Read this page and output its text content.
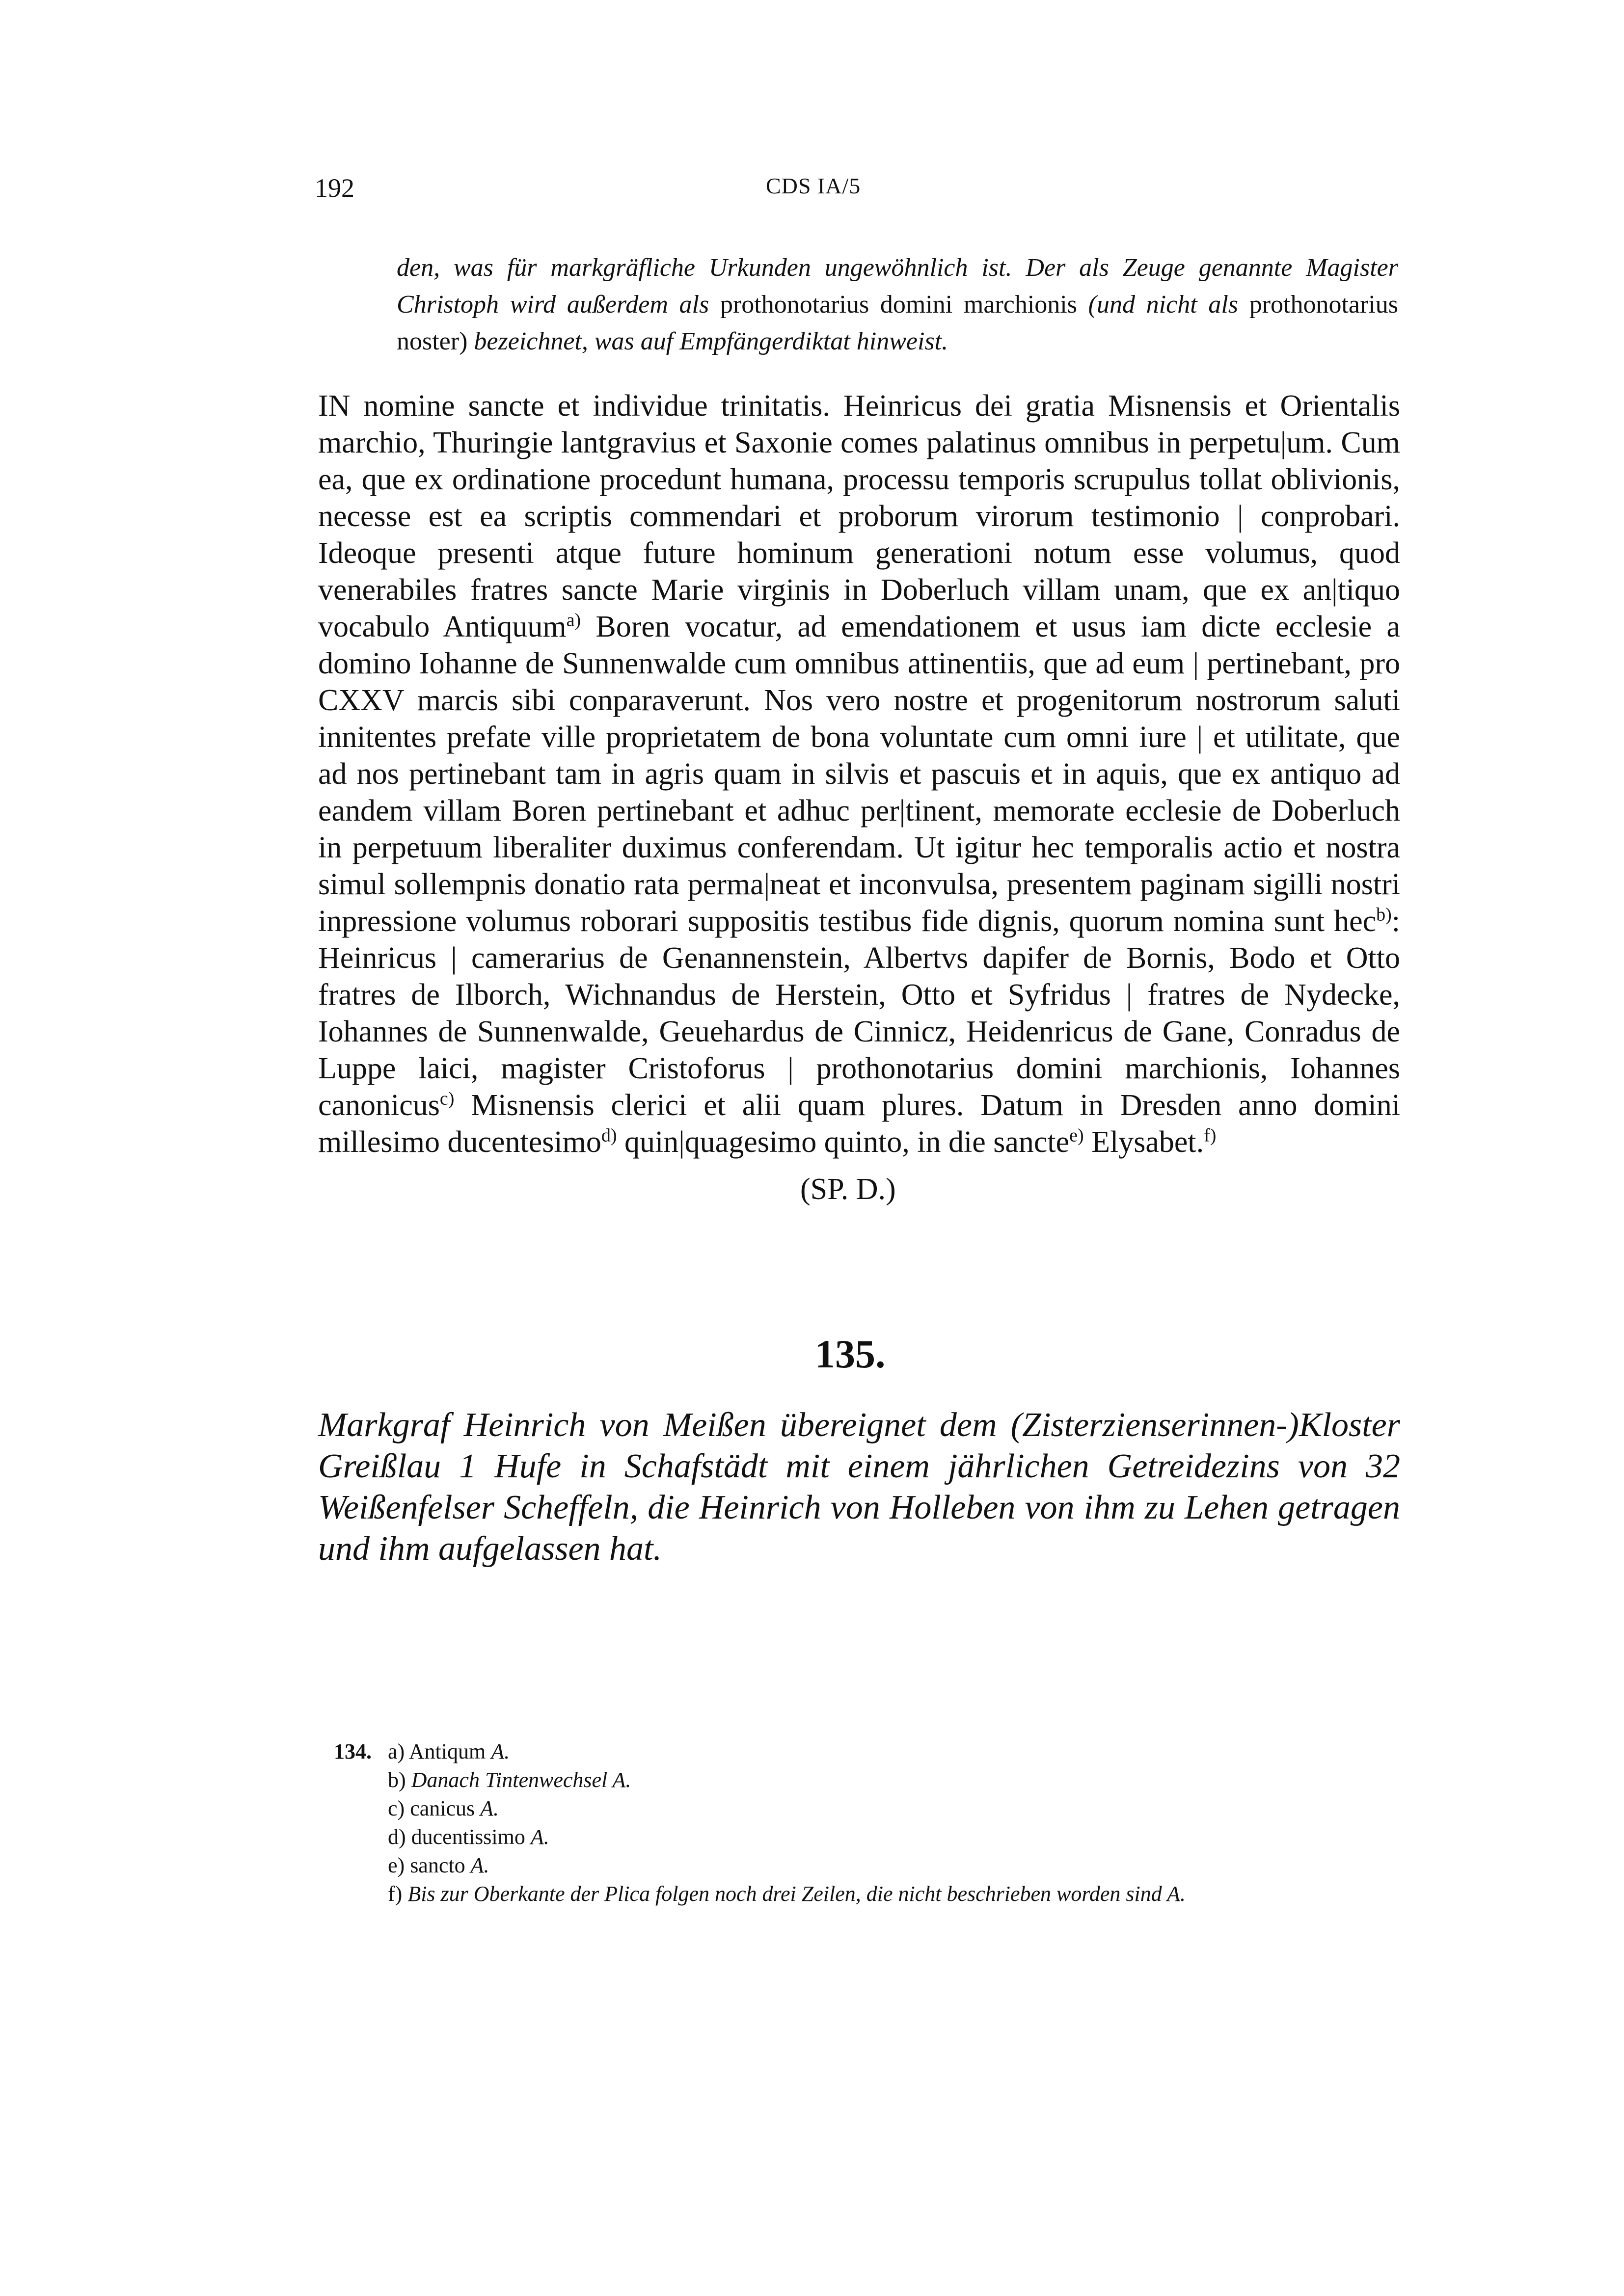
192	CDS IA/5
den, was für markgräfliche Urkunden ungewöhnlich ist. Der als Zeuge genannte Magister Christoph wird außerdem als prothonotarius domini marchionis (und nicht als prothonotarius noster) bezeichnet, was auf Empfängerdiktat hinweist.
IN nomine sancte et individue trinitatis. Heinricus dei gratia Misnensis et Orientalis marchio, Thuringie lantgravius et Saxonie comes palatinus omnibus in perpetu|um. Cum ea, que ex ordinatione procedunt humana, processu temporis scrupulus tollat oblivionis, necesse est ea scriptis commendari et proborum virorum testimonio | conprobari. Ideoque presenti atque future hominum generationi notum esse volumus, quod venerabiles fratres sancte Marie virginis in Doberluch villam unam, que ex an|tiquo vocabulo Antiquum$^{a)}$ Boren vocatur, ad emendationem et usus iam dicte ecclesie a domino Iohanne de Sunnenwalde cum omnibus attinentiis, que ad eum | pertinebant, pro CXXV marcis sibi conparaverunt. Nos vero nostre et progenitorum nostrorum saluti innitentes prefate ville proprietatem de bona voluntate cum omni iure | et utilitate, que ad nos pertinebant tam in agris quam in silvis et pascuis et in aquis, que ex antiquo ad eandem villam Boren pertinebant et adhuc per|tinent, memorate ecclesie de Doberluch in perpetuum liberaliter duximus conferendam. Ut igitur hec temporalis actio et nostra simul sollempnis donatio rata perma|neat et inconvulsa, presentem paginam sigilli nostri inpressione volumus roborari suppositis testibus fide dignis, quorum nomina sunt hec$^{b)}$: Heinricus | camerarius de Genannenstein, Albertvs dapifer de Bornis, Bodo et Otto fratres de Ilborch, Wichnandus de Herstein, Otto et Syfridus | fratres de Nydecke, Iohannes de Sunnenwalde, Geuehardus de Cinnicz, Heidenricus de Gane, Conradus de Luppe laici, magister Cristoforus | prothonotarius domini marchionis, Iohannes canonicus$^{c)}$ Misnensis clerici et alii quam plures. Datum in Dresden anno domini millesimo ducentesimo$^{d)}$ quin|quagesimo quinto, in die sancte$^{e)}$ Elysabet.$^{f)}$
(SP. D.)
135.
Markgraf Heinrich von Meißen übereignet dem (Zisterzienserinnen-)Kloster Greißlau 1 Hufe in Schafstädt mit einem jährlichen Getreidezins von 32 Weißenfelser Scheffeln, die Heinrich von Holleben von ihm zu Lehen getragen und ihm aufgelassen hat.
134. a) Antiqum A.
b) Danach Tintenwechsel A.
c) canicus A.
d) ducentissimo A.
e) sancto A.
f) Bis zur Oberkante der Plica folgen noch drei Zeilen, die nicht beschrieben worden sind A.
